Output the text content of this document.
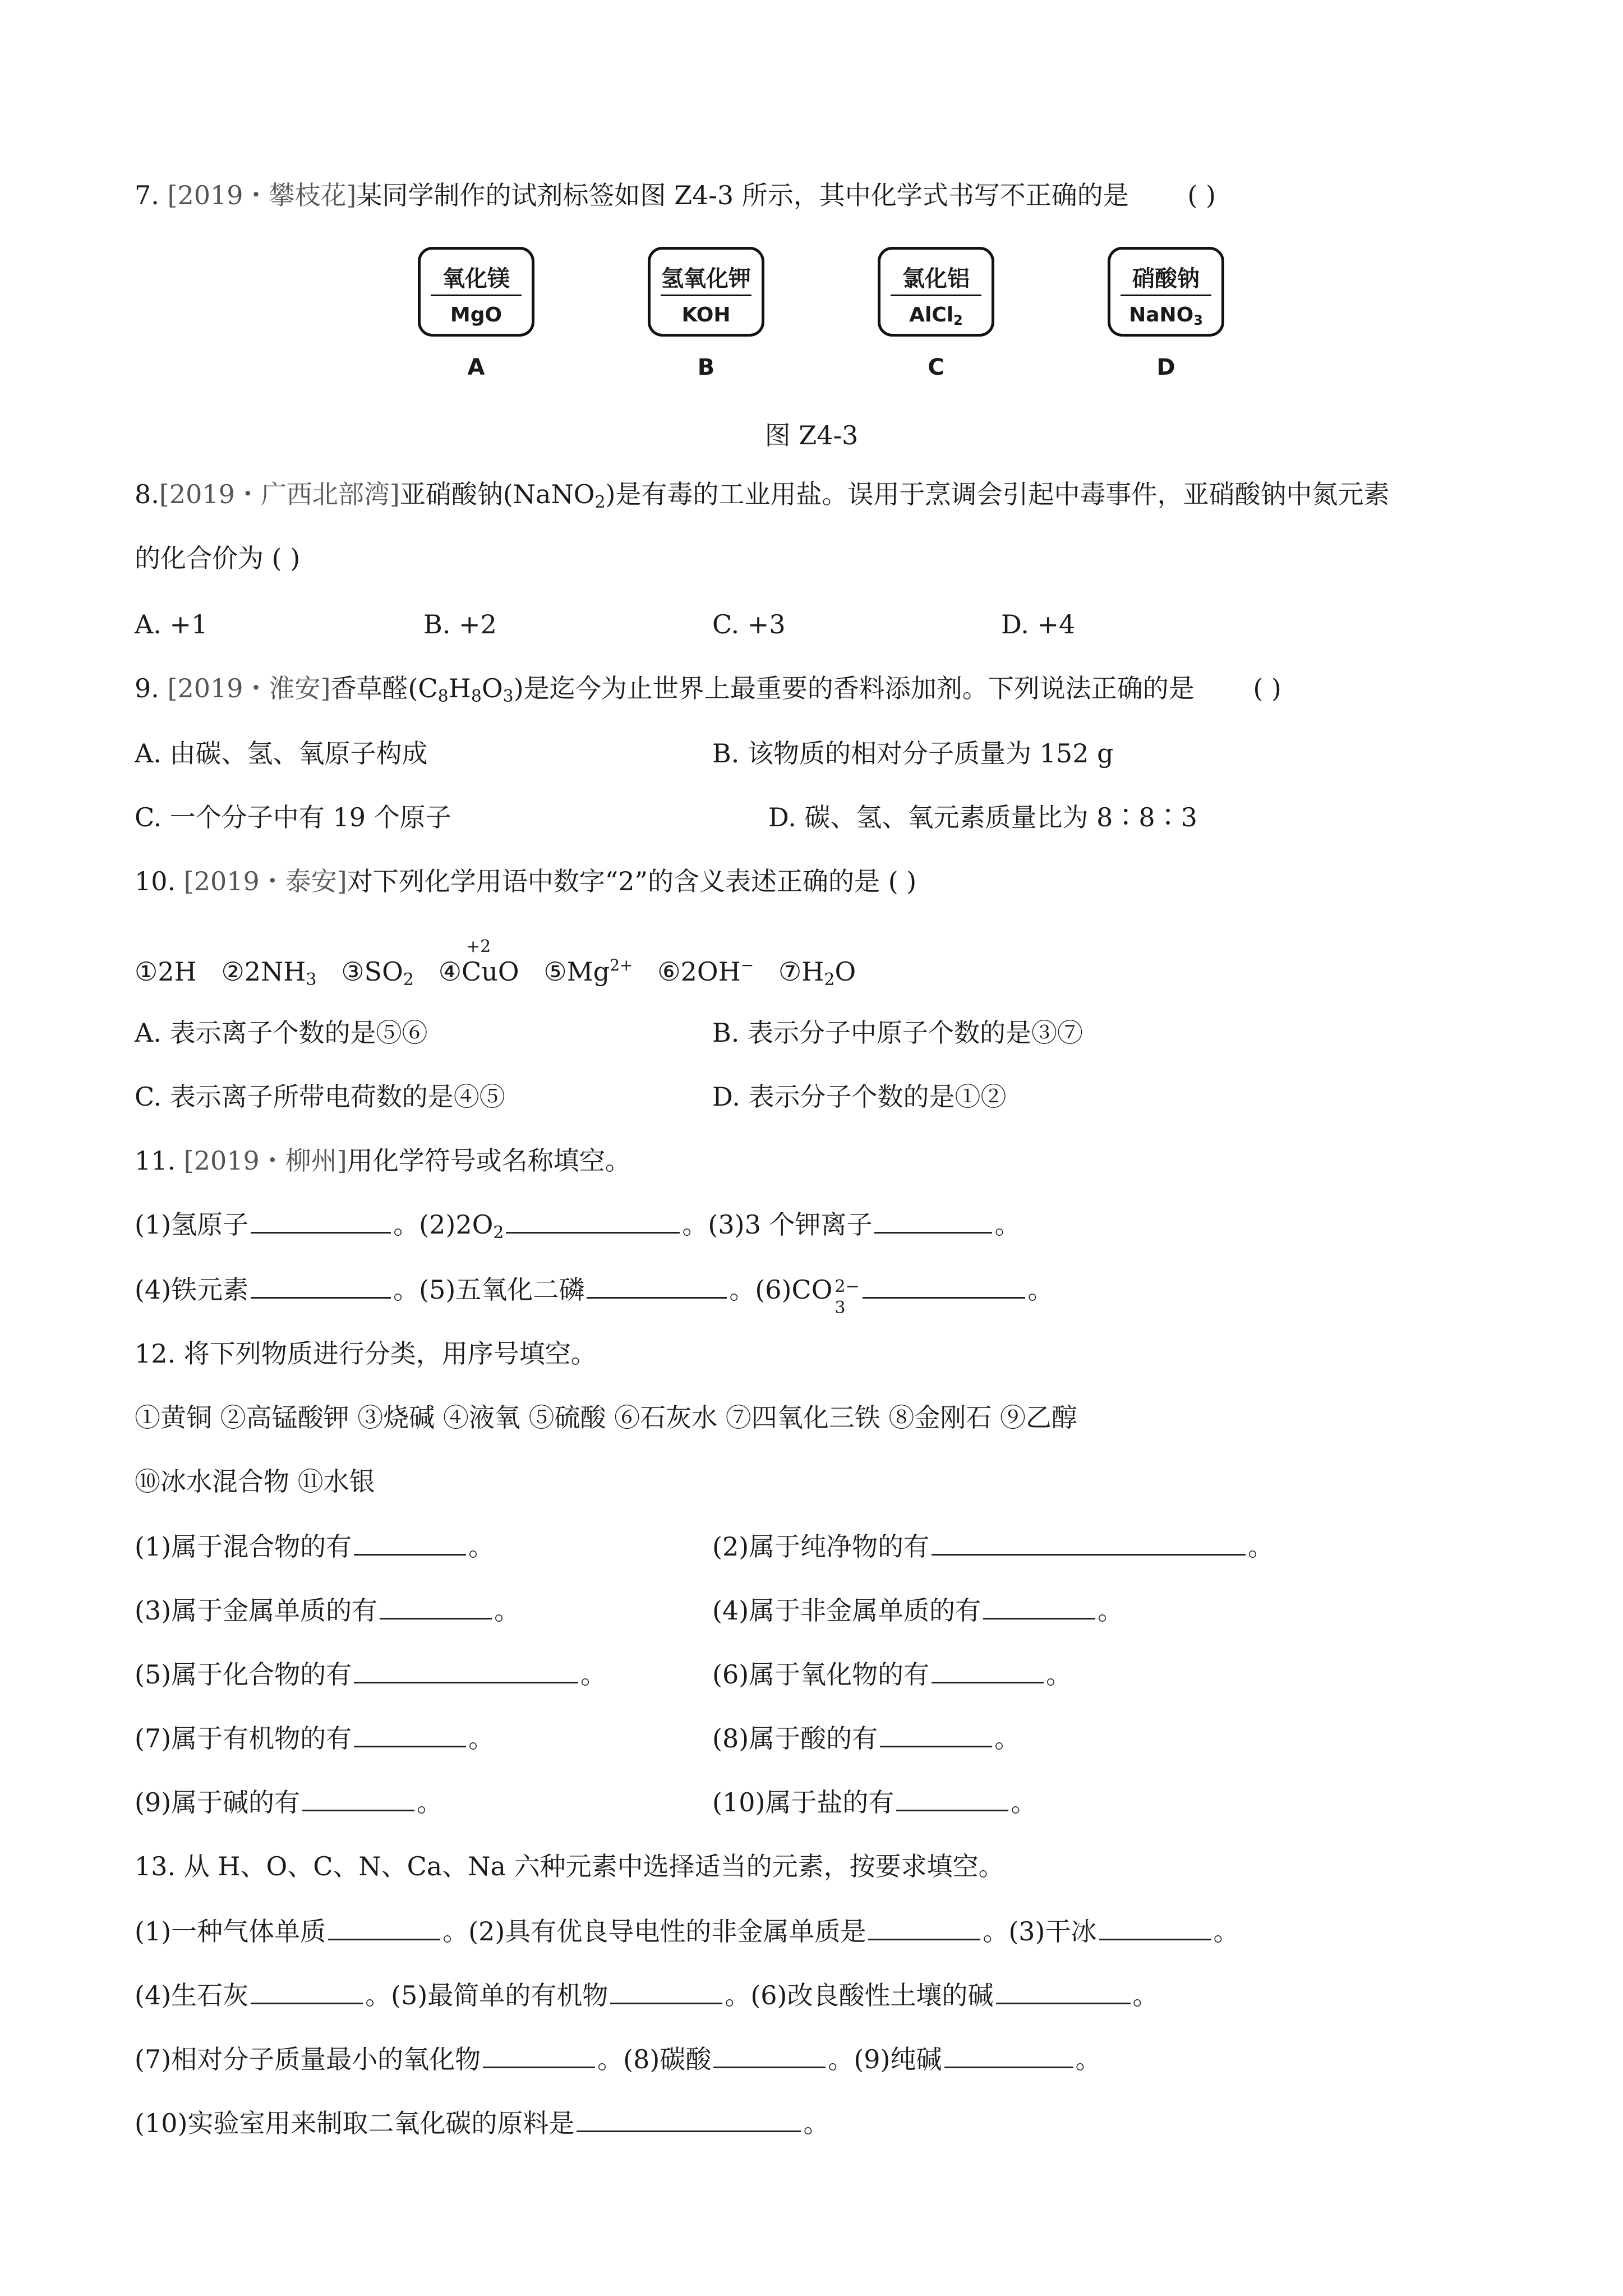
7. [2019・攀枝花]某同学制作的试剂标签如图 Z4-3 所示，其中化学式书写不正确的是 ( )
氧化镁
MgO
A
氢氧化钾
KOH
B
氯化铝
AlCl$_2$
C
硝酸钠
NaNO$_3$
D
图 Z4-3
8.[2019・广西北部湾]亚硝酸钠(NaNO$_2$)是有毒的工业用盐。误用于烹调会引起中毒事件，亚硝酸钠中氮元素
的化合价为 ( )
A. +1	B. +2	C. +3	D. +4
9. [2019・淮安]香草醛$(C_8H_8O_3)$是迄今为止世界上最重要的香料添加剂。下列说法正确的是 ( )
A. 由碳、氢、氧原子构成	B. 该物质的相对分子质量为 152 g
C. 一个分子中有 19 个原子	D. 碳、氢、氧元素质量比为 8∶8∶3
10. [2019・泰安]对下列化学用语中数字“2”的含义表述正确的是 ( )
①2H   $②2NH_3$   $③SO_2$   ④
+2
CuO   $⑤Mg^{2+}$   ⑥2OH−   $⑦H_2O$
A. 表示离子个数的是⑤⑥	B. 表示分子中原子个数的是③⑦
C. 表示离子所带电荷数的是④⑤	D. 表示分子个数的是①②
11. [2019・柳州]用化学符号或名称填空。
(1)氢原子	。$(2)2O_2$	。(3)3 个钾离子	。
(4)铁元素	。(5)五氧化二磷	。(6)CO 2−
3
。
12. 将下列物质进行分类，用序号填空。
①黄铜 ②高锰酸钾 ③烧碱 ④液氧 ⑤硫酸 ⑥石灰水 ⑦四氧化三铁 ⑧金刚石 ⑨乙醇
⑩冰水混合物 ⑪水银
(1)属于混合物的有	。	(2)属于纯净物的有	。
(3)属于金属单质的有	。	(4)属于非金属单质的有	。
(5)属于化合物的有	。	(6)属于氧化物的有	。
(7)属于有机物的有	。	(8)属于酸的有	。
(9)属于碱的有	。	(10)属于盐的有	。
13. 从 H、O、C、N、Ca、Na 六种元素中选择适当的元素，按要求填空。
(1)一种气体单质	。(2)具有优良导电性的非金属单质是	。(3)干冰	。
(4)生石灰	。(5)最简单的有机物	。(6)改良酸性土壤的碱	。
(7)相对分子质量最小的氧化物	。(8)碳酸	。(9)纯碱	。
(10)实验室用来制取二氧化碳的原料是	。
